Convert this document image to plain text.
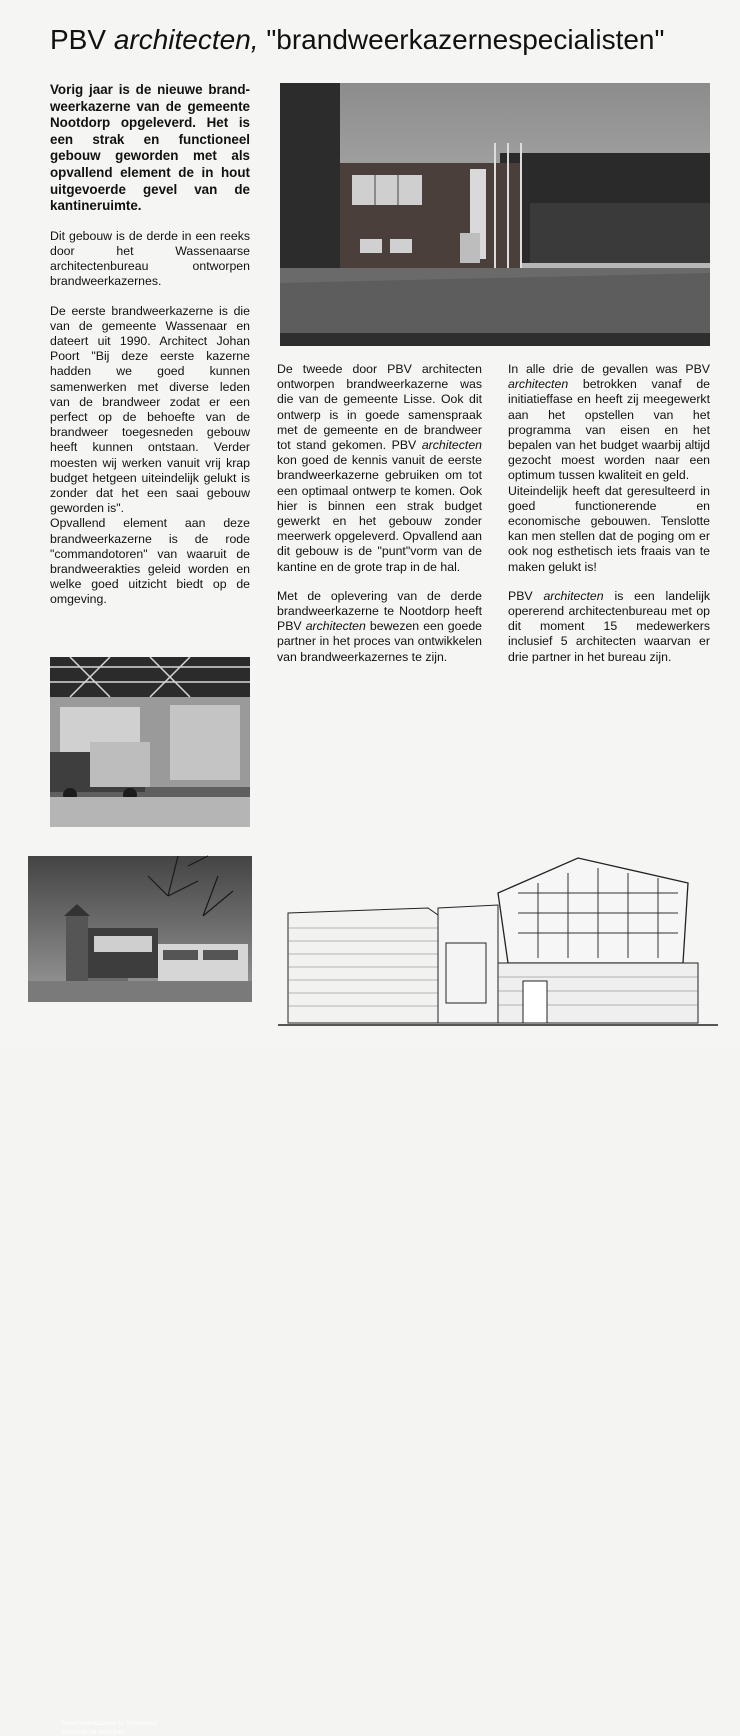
PBV architecten, "brandweerkazernespecialisten"

Vorig jaar is de nieuwe brand-weerkazerne van de gemeente Nootdorp opgeleverd. Het is een strak en functioneel gebouw geworden met als opvallend element de in hout uitgevoerde gevel van de kantineruimte.

Dit gebouw is de derde in een reeks door het Wassenaarse architectenbureau ontworpen brandweerkazernes.

De eerste brandweerkazerne is die van de gemeente Wassenaar en dateert uit 1990. Architect Johan Poort "Bij deze eerste kazerne hadden we goed kunnen samenwerken met diverse leden van de brandweer zodat er een perfect op de behoefte van de brandweer toegesneden gebouw heeft kunnen ontstaan. Verder moesten wij werken vanuit vrij krap budget hetgeen uiteindelijk gelukt is zonder dat het een saai gebouw geworden is".

Opvallend element aan deze brandweerkazerne is de rode "commandotoren" van waaruit de brandweerakties geleid worden en welke goed uitzicht biedt op de omgeving.

De tweede door PBV architecten ontworpen brandweerkazerne was die van de gemeente Lisse. Ook dit ontwerp is in goede samenspraak met de gemeente en de brandweer tot stand gekomen. PBV architecten kon goed de kennis vanuit de eerste brandweerkazerne gebruiken om tot een optimaal ontwerp te komen. Ook hier is binnen een strak budget gewerkt en het gebouw zonder meerwerk opgeleverd. Opvallend aan dit gebouw is de "punt"vorm van de kantine en de grote trap in de hal.

Met de oplevering van de derde brandweerkazerne te Nootdorp heeft PBV architecten bewezen een goede partner in het proces van ontwikkelen van brandweerkazernes te zijn.

In alle drie de gevallen was PBV architecten betrokken vanaf de initiatieffase en heeft zij meegewerkt aan het opstellen van het programma van eisen en het bepalen van het budget waarbij altijd gezocht moest worden naar een optimum tussen kwaliteit en geld.

Uiteindelijk heeft dat geresulteerd in goed functionerende en economische gebouwen. Tenslotte kan men stellen dat de poging om er ook nog esthetisch iets fraais van te maken gelukt is!

PBV architecten is een landelijk opererend architectenbureau met op dit moment 15 medewerkers inclusief 5 architecten waarvan er drie partner in het bureau zijn.

brandweerkazerne te Wassenaar
interieur en exterieur
